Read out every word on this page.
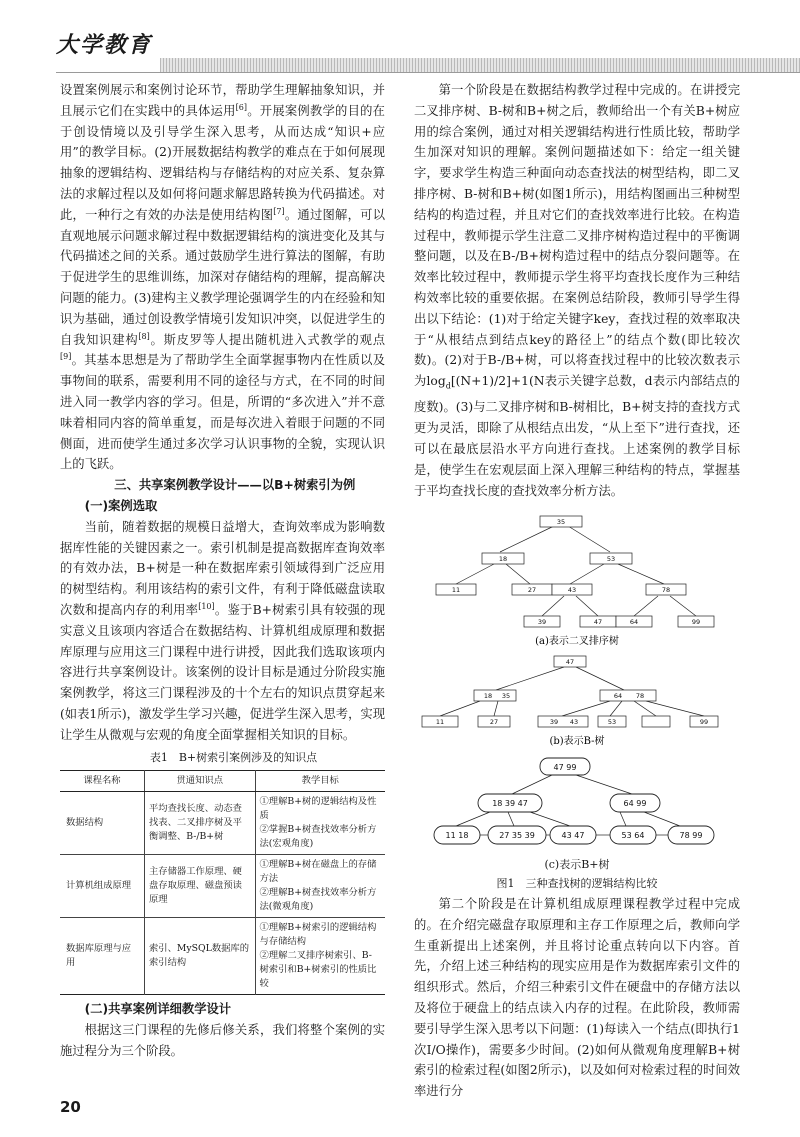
大学教育

设置案例展示和案例讨论环节，帮助学生理解抽象知识，并且展示它们在实践中的具体运用[6]。开展案例教学的目的在于创设情境以及引导学生深入思考，从而达成“知识+应用”的教学目标。(2)开展数据结构教学的难点在于如何展现抽象的逻辑结构、逻辑结构与存储结构的对应关系、复杂算法的求解过程以及如何将问题求解思路转换为代码描述。对此，一种行之有效的办法是使用结构图[7]。通过图解，可以直观地展示问题求解过程中数据逻辑结构的演进变化及其与代码描述之间的关系。通过鼓励学生进行算法的图解，有助于促进学生的思维训练，加深对存储结构的理解，提高解决问题的能力。(3)建构主义教学理论强调学生的内在经验和知识为基础，通过创设教学情境引发知识冲突，以促进学生的自我知识建构[8]。斯皮罗等人提出随机进入式教学的观点[9]。其基本思想是为了帮助学生全面掌握事物内在性质以及事物间的联系，需要利用不同的途径与方式，在不同的时间进入同一教学内容的学习。但是，所谓的“多次进入”并不意味着相同内容的简单重复，而是每次进入着眼于问题的不同侧面，进而使学生通过多次学习认识事物的全貌，实现认识上的飞跃。

三、共享案例教学设计——以B+树索引为例

(一)案例选取

当前，随着数据的规模日益增大，查询效率成为影响数据库性能的关键因素之一。索引机制是提高数据库查询效率的有效办法，B+树是一种在数据库索引领域得到广泛应用的树型结构。利用该结构的索引文件，有利于降低磁盘读取次数和提高内存的利用率[10]。鉴于B+树索引具有较强的现实意义且该项内容适合在数据结构、计算机组成原理和数据库原理与应用这三门课程中进行讲授，因此我们选取该项内容进行共享案例设计。该案例的设计目标是通过分阶段实施案例教学，将这三门课程涉及的十个左右的知识点贯穿起来(如表1所示)，激发学生学习兴趣，促进学生深入思考，实现让学生从微观与宏观的角度全面掌握相关知识的目标。

表1　B+树索引案例涉及的知识点

课程名称	贯通知识点	教学目标
数据结构	平均查找长度、动态查找表、二叉排序树及平衡调整、B-/B+树	①理解B+树的逻辑结构及性质
②掌握B+树查找效率分析方法(宏观角度)
计算机组成原理	主存储器工作原理、硬盘存取原理、磁盘预读原理	①理解B+树在磁盘上的存储方法
②理解B+树查找效率分析方法(微观角度)
数据库原理与应用	索引、MySQL数据库的索引结构	①理解B+树索引的逻辑结构与存储结构
②理解二叉排序树索引、B-树索引和B+树索引的性质比较

(二)共享案例详细教学设计

根据这三门课程的先修后修关系，我们将整个案例的实施过程分为三个阶段。

第一个阶段是在数据结构教学过程中完成的。在讲授完二叉排序树、B-树和B+树之后，教师给出一个有关B+树应用的综合案例，通过对相关逻辑结构进行性质比较，帮助学生加深对知识的理解。案例问题描述如下：给定一组关键字，要求学生构造三种面向动态查找法的树型结构，即二叉排序树、B-树和B+树(如图1所示)，用结构图画出三种树型结构的构造过程，并且对它们的查找效率进行比较。在构造过程中，教师提示学生注意二叉排序树构造过程中的平衡调整问题，以及在B-/B+树构造过程中的结点分裂问题等。在效率比较过程中，教师提示学生将平均查找长度作为三种结构效率比较的重要依据。在案例总结阶段，教师引导学生得出以下结论：(1)对于给定关键字key，查找过程的效率取决于“从根结点到结点key的路径上”的结点个数(即比较次数)。(2)对于B-/B+树，可以将查找过程中的比较次数表示为$\log_d[(N+1)/2]+1(N$表示关键字总数，d表示内部结点的度数)。(3)与二叉排序树和B-树相比，B+树支持的查找方式更为灵活，即除了从根结点出发，“从上至下”进行查找，还可以在最底层沿水平方向进行查找。上述案例的教学目标是，使学生在宏观层面上深入理解三种结构的特点，掌握基于平均查找长度的查找效率分析方法。

35
18	53
11	27	43	78
39	47	64	99
(a)表示二叉排序树
47
18 35	64 78
11	27	39 43	53	99
(b)表示B-树
47 99
18 39 47	64 99
11 18	27 35 39	43 47	53 64	78 99

(c)表示B+树

图1　三种查找树的逻辑结构比较

第二个阶段是在计算机组成原理课程教学过程中完成的。在介绍完磁盘存取原理和主存工作原理之后，教师向学生重新提出上述案例，并且将讨论重点转向以下内容。首先，介绍上述三种结构的现实应用是作为数据库索引文件的组织形式。然后，介绍三种索引文件在硬盘中的存储方法以及将位于硬盘上的结点读入内存的过程。在此阶段，教师需要引导学生深入思考以下问题：(1)每读入一个结点(即执行1次I/O操作)，需要多少时间。(2)如何从微观角度理解B+树索引的检索过程(如图2所示)，以及如何对检索过程的时间效率进行分

20
